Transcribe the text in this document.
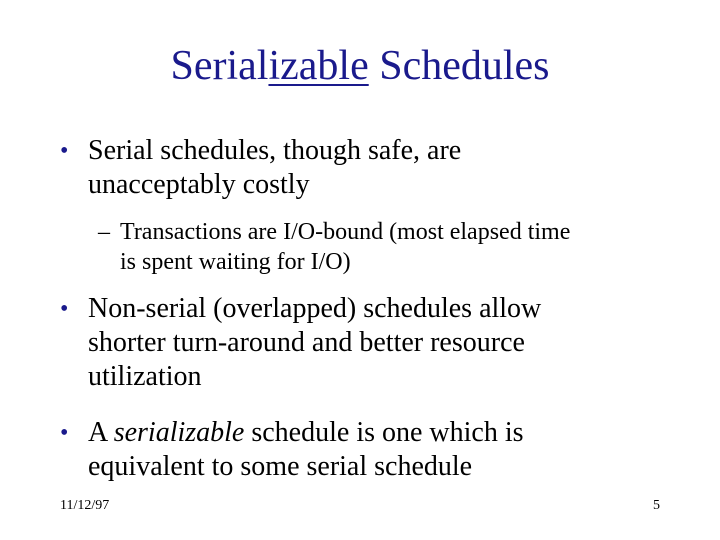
Serializable Schedules
• Serial schedules, though safe, are
unacceptably costly
– Transactions are I/O-bound (most elapsed time
is spent waiting for I/O)
• Non-serial (overlapped) schedules allow
shorter turn-around and better resource
utilization
• A serializable schedule is one which is
equivalent to some serial schedule
11/12/97	5
